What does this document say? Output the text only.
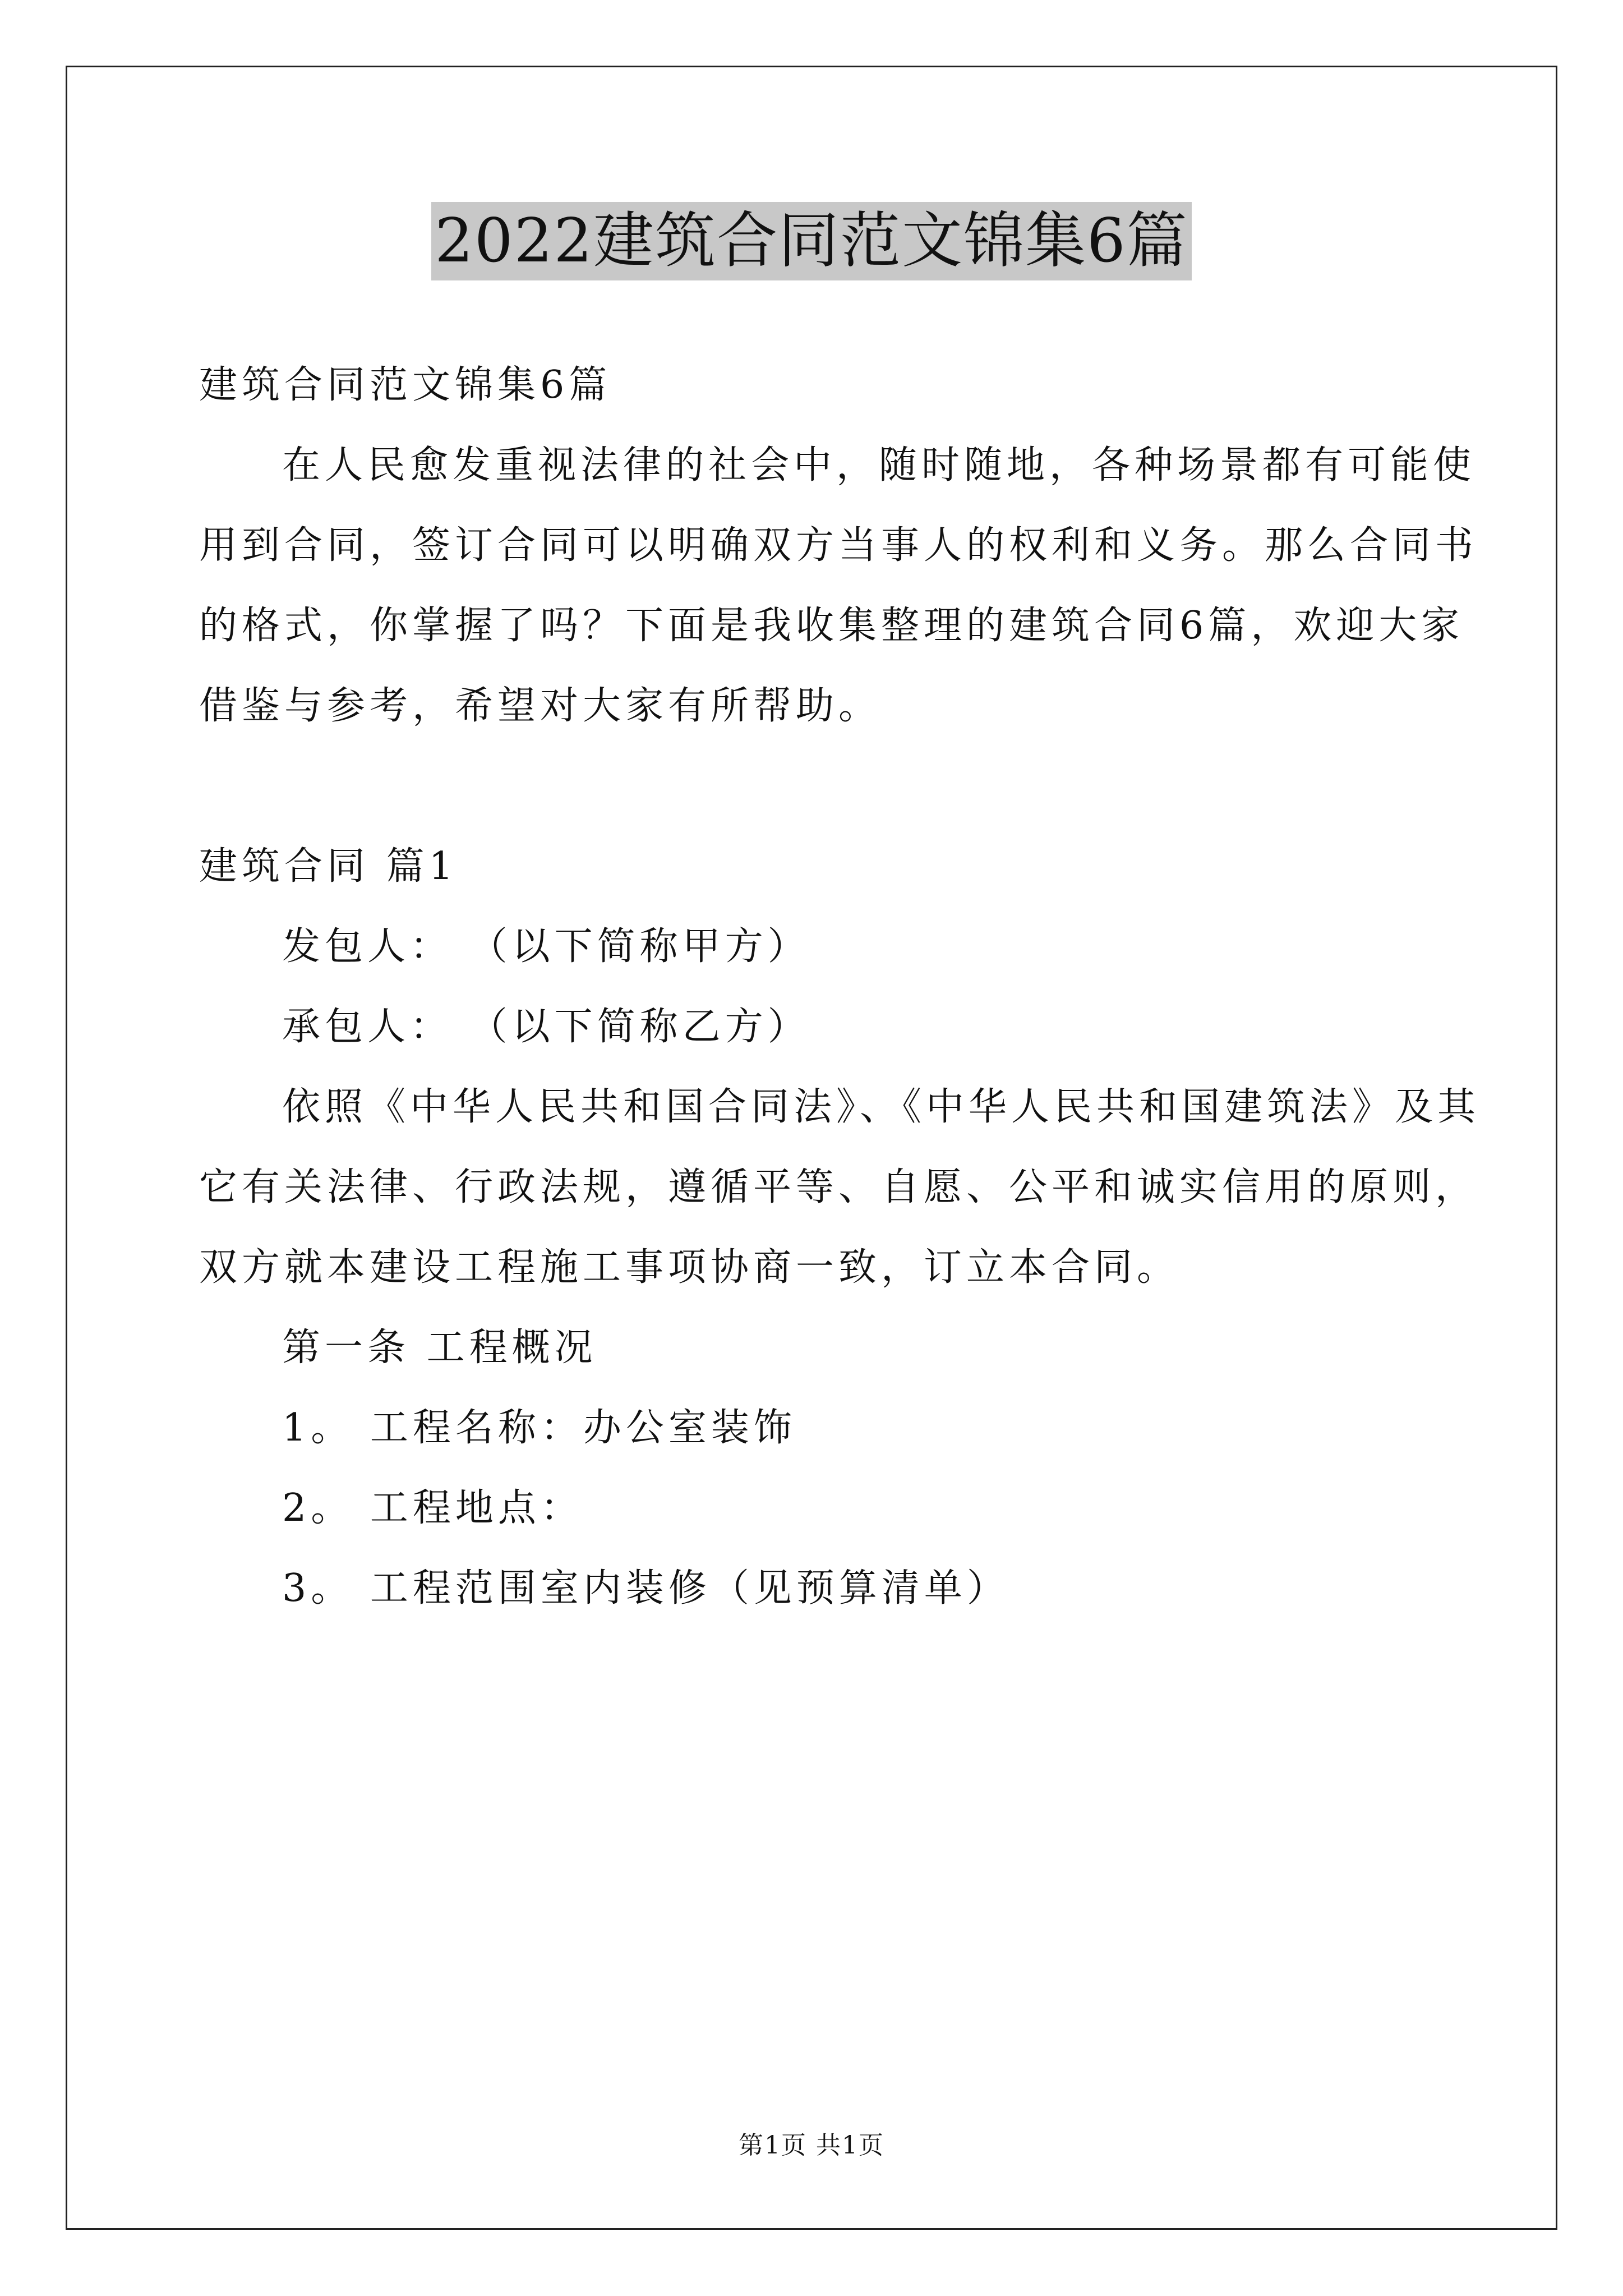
2022建筑合同范文锦集6篇

建筑合同范文锦集6篇

在人民愈发重视法律的社会中，随时随地，各种场景都有可能使

用到合同，签订合同可以明确双方当事人的权利和义务。那么合同书

的格式，你掌握了吗？下面是我收集整理的建筑合同6篇，欢迎大家

借鉴与参考，希望对大家有所帮助。

建筑合同 篇1

发包人： （以下简称甲方）

承包人： （以下简称乙方）

依照《中华人民共和国合同法》、《中华人民共和国建筑法》及其

它有关法律、行政法规，遵循平等、自愿、公平和诚实信用的原则，

双方就本建设工程施工事项协商一致，订立本合同。

第一条 工程概况

1。 工程名称：办公室装饰

2。 工程地点：

3。 工程范围室内装修（见预算清单）

第1页 共1页
